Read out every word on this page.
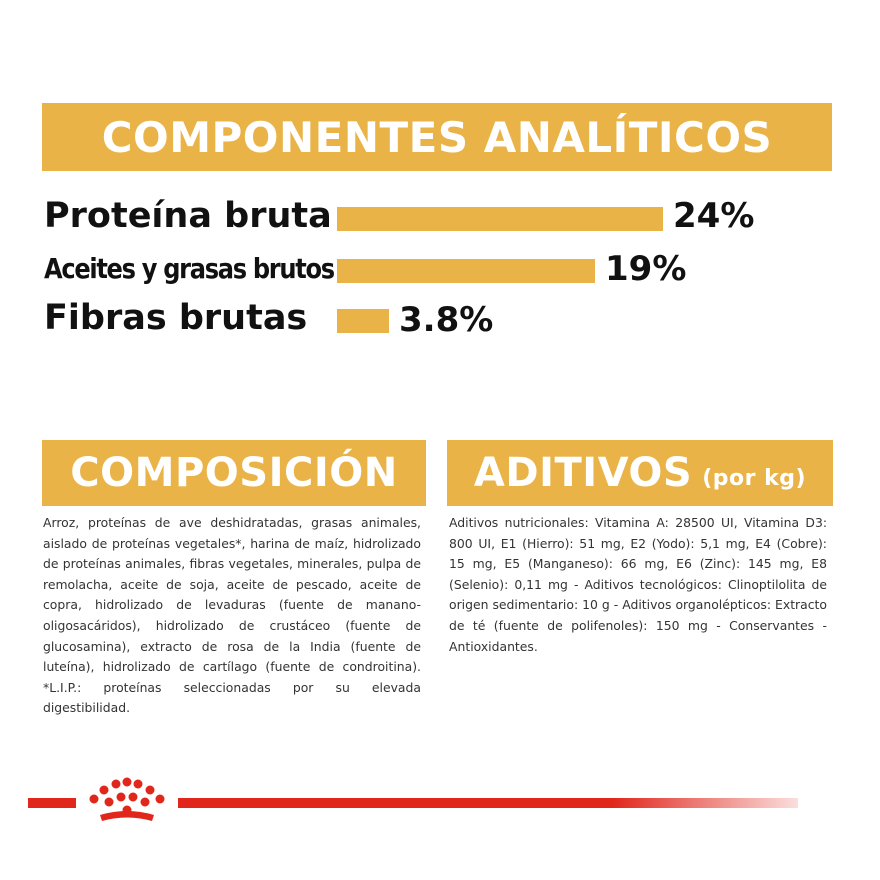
COMPONENTES ANALÍTICOS
Proteína bruta	24%
Aceites y grasas brutos	19%
Fibras brutas	3.8%
COMPOSICIÓN
Arroz, proteínas de ave deshidratadas, grasas animales, aislado de proteínas vegetales*, harina de maíz, hidrolizado de proteínas animales, fibras vegetales, minerales, pulpa de remolacha, aceite de soja, aceite de pescado, aceite de copra, hidrolizado de levaduras (fuente de manano-oligosacáridos), hidrolizado de crustáceo (fuente de glucosamina), extracto de rosa de la India (fuente de luteína), hidrolizado de cartílago (fuente de condroitina). *L.I.P.: proteínas seleccionadas por su elevada digestibilidad.
ADITIVOS (por kg)
Aditivos nutricionales: Vitamina A: 28500 UI, Vitamina D3: 800 UI, E1 (Hierro): 51 mg, E2 (Yodo): 5,1 mg, E4 (Cobre): 15 mg, E5 (Manganeso): 66 mg, E6 (Zinc): 145 mg, E8 (Selenio): 0,11 mg - Aditivos tecnológicos: Clinoptilolita de origen sedimentario: 10 g - Aditivos organolépticos: Extracto de té (fuente de polifenoles): 150 mg - Conservantes - Antioxidantes.
